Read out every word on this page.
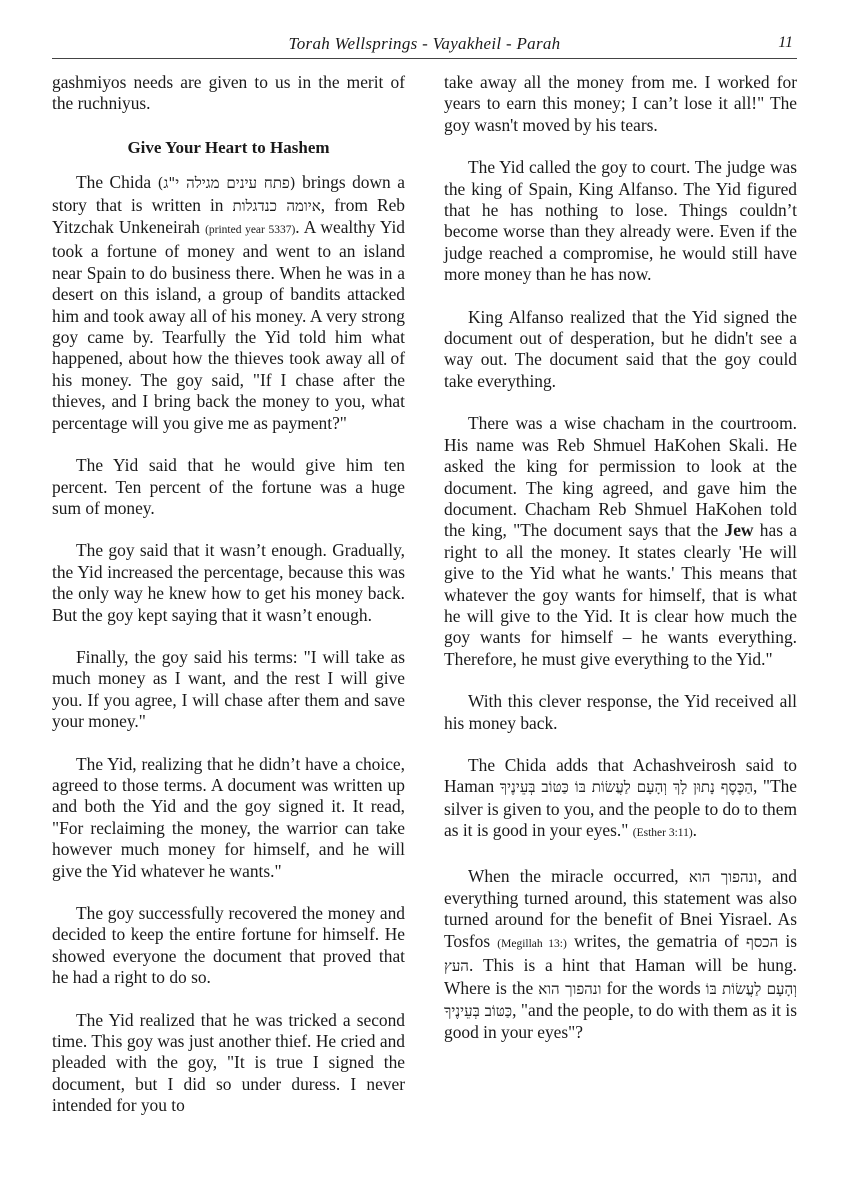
Torah Wellsprings - Vayakheil - Parah	11

gashmiyos needs are given to us in the merit of the ruchniyus.

Give Your Heart to Hashem

The Chida (פתח עינים מגילה י"ג) brings down a story that is written in איומה כנדגלות, from Reb Yitzchak Unkeneirah (printed year 5337). A wealthy Yid took a fortune of money and went to an island near Spain to do business there. When he was in a desert on this island, a group of bandits attacked him and took away all of his money. A very strong goy came by. Tearfully the Yid told him what happened, about how the thieves took away all of his money. The goy said, "If I chase after the thieves, and I bring back the money to you, what percentage will you give me as payment?"

The Yid said that he would give him ten percent. Ten percent of the fortune was a huge sum of money.

The goy said that it wasn’t enough. Gradually, the Yid increased the percentage, because this was the only way he knew how to get his money back. But the goy kept saying that it wasn’t enough.

Finally, the goy said his terms: "I will take as much money as I want, and the rest I will give you. If you agree, I will chase after them and save your money."

The Yid, realizing that he didn’t have a choice, agreed to those terms. A document was written up and both the Yid and the goy signed it. It read, "For reclaiming the money, the warrior can take however much money for himself, and he will give the Yid whatever he wants."

The goy successfully recovered the money and decided to keep the entire fortune for himself. He showed everyone the document that proved that he had a right to do so.

The Yid realized that he was tricked a second time. This goy was just another thief. He cried and pleaded with the goy, "It is true I signed the document, but I did so under duress. I never intended for you to

take away all the money from me. I worked for years to earn this money; I can’t lose it all!" The goy wasn't moved by his tears.

The Yid called the goy to court. The judge was the king of Spain, King Alfanso. The Yid figured that he has nothing to lose. Things couldn’t become worse than they already were. Even if the judge reached a compromise, he would still have more money than he has now.

King Alfanso realized that the Yid signed the document out of desperation, but he didn't see a way out. The document said that the goy could take everything.

There was a wise chacham in the courtroom. His name was Reb Shmuel HaKohen Skali. He asked the king for permission to look at the document. The king agreed, and gave him the document. Chacham Reb Shmuel HaKohen told the king, "The document says that the Jew has a right to all the money. It states clearly 'He will give to the Yid what he wants.' This means that whatever the goy wants for himself, that is what he will give to the Yid. It is clear how much the goy wants for himself – he wants everything. Therefore, he must give everything to the Yid."

With this clever response, the Yid received all his money back.

The Chida adds that Achashveirosh said to Haman הַכֶּסֶף נָתוּן לָךְ וְהָעָם לַעֲשׂוֹת בּוֹ כַּטּוֹב בְּעֵינֶיךָ, "The silver is given to you, and the people to do to them as it is good in your eyes." (Esther 3:11).

When the miracle occurred, ונהפוך הוא, and everything turned around, this statement was also turned around for the benefit of Bnei Yisrael. As Tosfos (Megillah 13:) writes, the gematria of הכסף is העץ. This is a hint that Haman will be hung. Where is the ונהפוך הוא for the words וְהָעָם לַעֲשׂוֹת בּוֹ כַּטּוֹב בְּעֵינֶיךָ, "and the people, to do with them as it is good in your eyes"?
